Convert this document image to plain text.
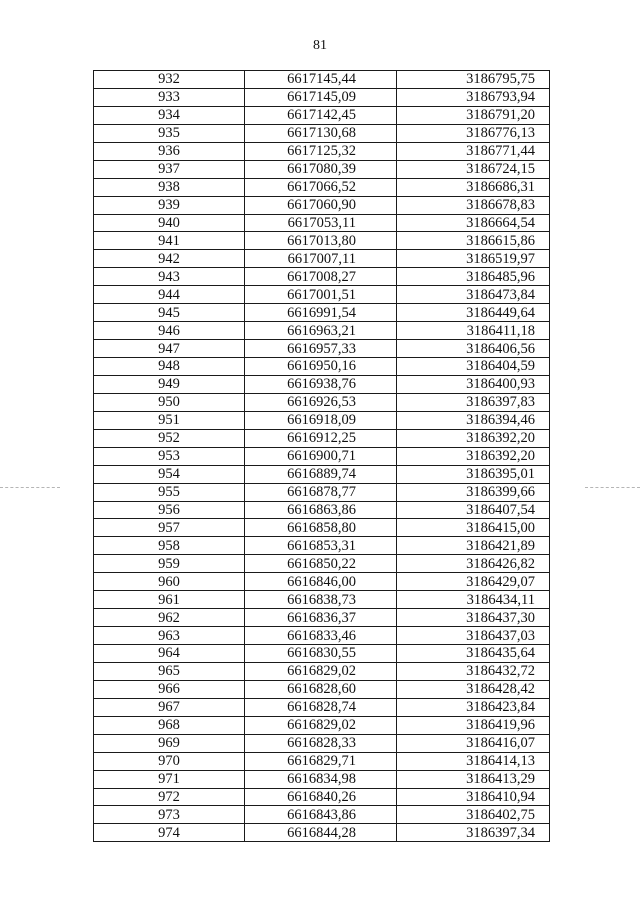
81
932	6617145,44	3186795,75
933	6617145,09	3186793,94
934	6617142,45	3186791,20
935	6617130,68	3186776,13
936	6617125,32	3186771,44
937	6617080,39	3186724,15
938	6617066,52	3186686,31
939	6617060,90	3186678,83
940	6617053,11	3186664,54
941	6617013,80	3186615,86
942	6617007,11	3186519,97
943	6617008,27	3186485,96
944	6617001,51	3186473,84
945	6616991,54	3186449,64
946	6616963,21	3186411,18
947	6616957,33	3186406,56
948	6616950,16	3186404,59
949	6616938,76	3186400,93
950	6616926,53	3186397,83
951	6616918,09	3186394,46
952	6616912,25	3186392,20
953	6616900,71	3186392,20
954	6616889,74	3186395,01
955	6616878,77	3186399,66
956	6616863,86	3186407,54
957	6616858,80	3186415,00
958	6616853,31	3186421,89
959	6616850,22	3186426,82
960	6616846,00	3186429,07
961	6616838,73	3186434,11
962	6616836,37	3186437,30
963	6616833,46	3186437,03
964	6616830,55	3186435,64
965	6616829,02	3186432,72
966	6616828,60	3186428,42
967	6616828,74	3186423,84
968	6616829,02	3186419,96
969	6616828,33	3186416,07
970	6616829,71	3186414,13
971	6616834,98	3186413,29
972	6616840,26	3186410,94
973	6616843,86	3186402,75
974	6616844,28	3186397,34
